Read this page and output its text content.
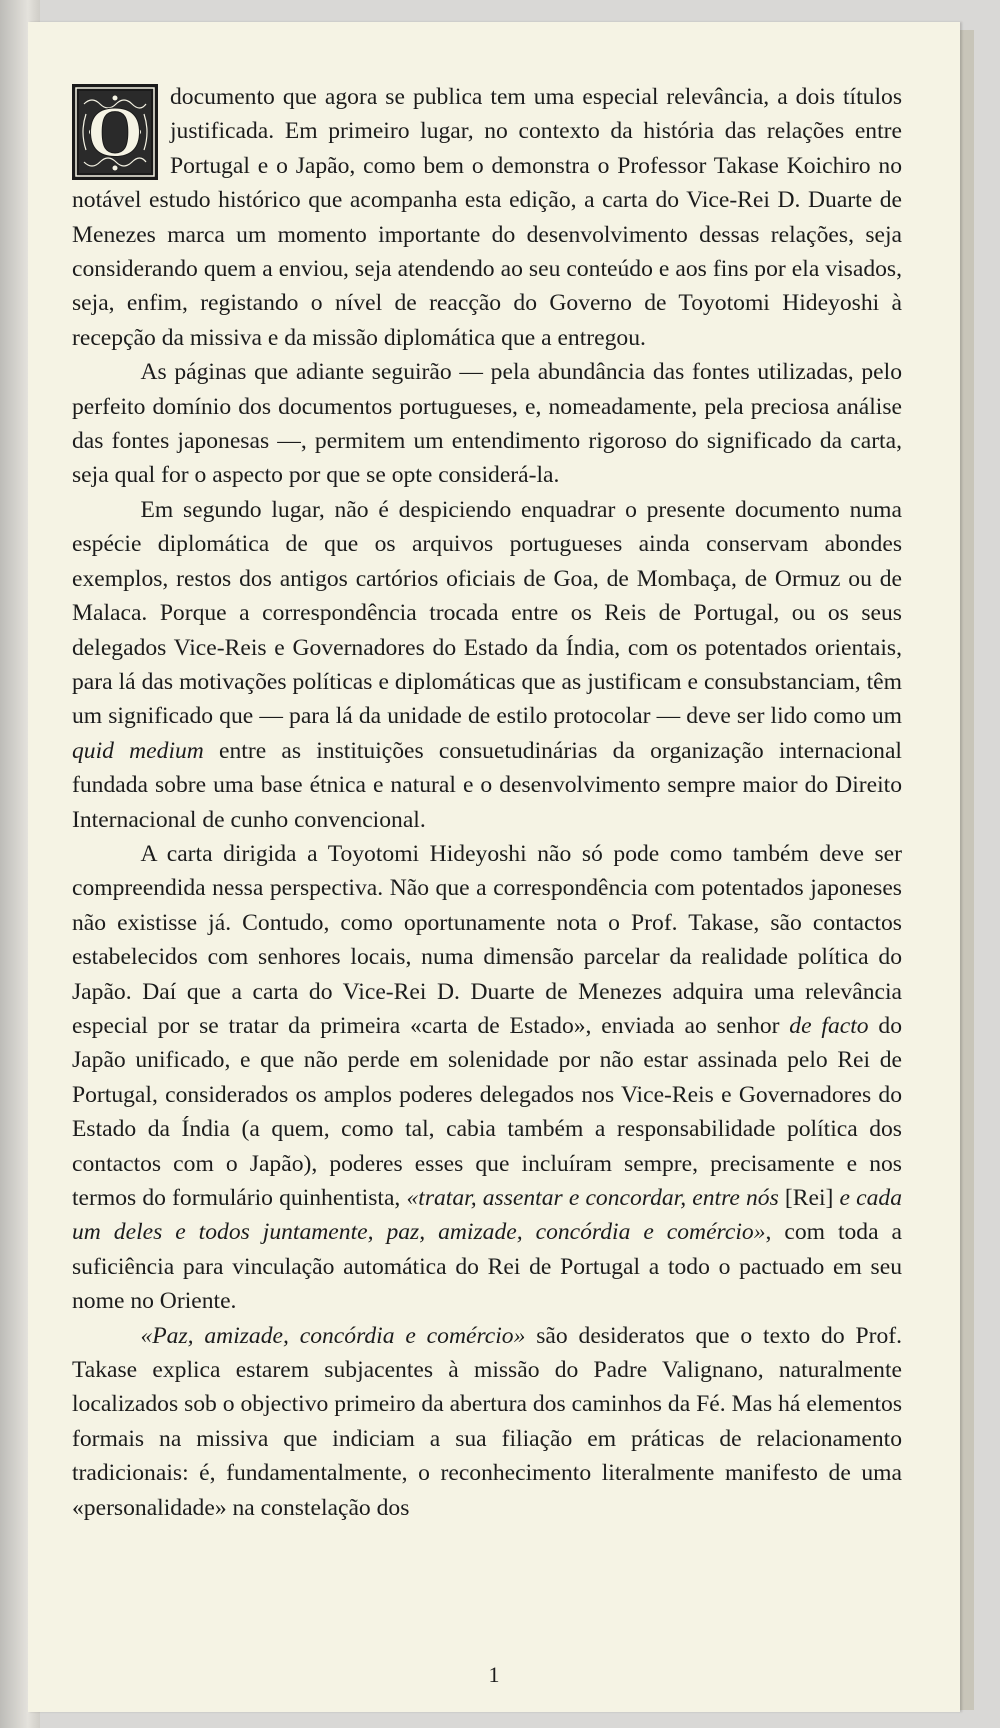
O documento que agora se publica tem uma especial relevância, a dois títulos justificada. Em primeiro lugar, no contexto da história das relações entre Portugal e o Japão, como bem o demonstra o Professor Takase Koichiro no notável estudo histórico que acompanha esta edição, a carta do Vice-Rei D. Duarte de Menezes marca um momento importante do desenvolvimento dessas relações, seja considerando quem a enviou, seja atendendo ao seu conteúdo e aos fins por ela visados, seja, enfim, registando o nível de reacção do Governo de Toyotomi Hideyoshi à recepção da missiva e da missão diplomática que a entregou.

As páginas que adiante seguirão — pela abundância das fontes utilizadas, pelo perfeito domínio dos documentos portugueses, e, nomeadamente, pela preciosa análise das fontes japonesas —, permitem um entendimento rigoroso do significado da carta, seja qual for o aspecto por que se opte considerá-la.

Em segundo lugar, não é despiciendo enquadrar o presente documento numa espécie diplomática de que os arquivos portugueses ainda conservam abondes exemplos, restos dos antigos cartórios oficiais de Goa, de Mombaça, de Ormuz ou de Malaca. Porque a correspondência trocada entre os Reis de Portugal, ou os seus delegados Vice-Reis e Governadores do Estado da Índia, com os potentados orientais, para lá das motivações políticas e diplomáticas que as justificam e consubstanciam, têm um significado que — para lá da unidade de estilo protocolar — deve ser lido como um quid medium entre as instituições consuetudinárias da organização internacional fundada sobre uma base étnica e natural e o desenvolvimento sempre maior do Direito Internacional de cunho convencional.

A carta dirigida a Toyotomi Hideyoshi não só pode como também deve ser compreendida nessa perspectiva. Não que a correspondência com potentados japoneses não existisse já. Contudo, como oportunamente nota o Prof. Takase, são contactos estabelecidos com senhores locais, numa dimensão parcelar da realidade política do Japão. Daí que a carta do Vice-Rei D. Duarte de Menezes adquira uma relevância especial por se tratar da primeira «carta de Estado», enviada ao senhor de facto do Japão unificado, e que não perde em solenidade por não estar assinada pelo Rei de Portugal, considerados os amplos poderes delegados nos Vice-Reis e Governadores do Estado da Índia (a quem, como tal, cabia também a responsabilidade política dos contactos com o Japão), poderes esses que incluíram sempre, precisamente e nos termos do formulário quinhentista, «tratar, assentar e concordar, entre nós [Rei] e cada um deles e todos juntamente, paz, amizade, concórdia e comércio», com toda a suficiência para vinculação automática do Rei de Portugal a todo o pactuado em seu nome no Oriente.

«Paz, amizade, concórdia e comércio» são desideratos que o texto do Prof. Takase explica estarem subjacentes à missão do Padre Valignano, naturalmente localizados sob o objectivo primeiro da abertura dos caminhos da Fé. Mas há elementos formais na missiva que indiciam a sua filiação em práticas de relacionamento tradicionais: é, fundamentalmente, o reconhecimento literalmente manifesto de uma «personalidade» na constelação dos

1
